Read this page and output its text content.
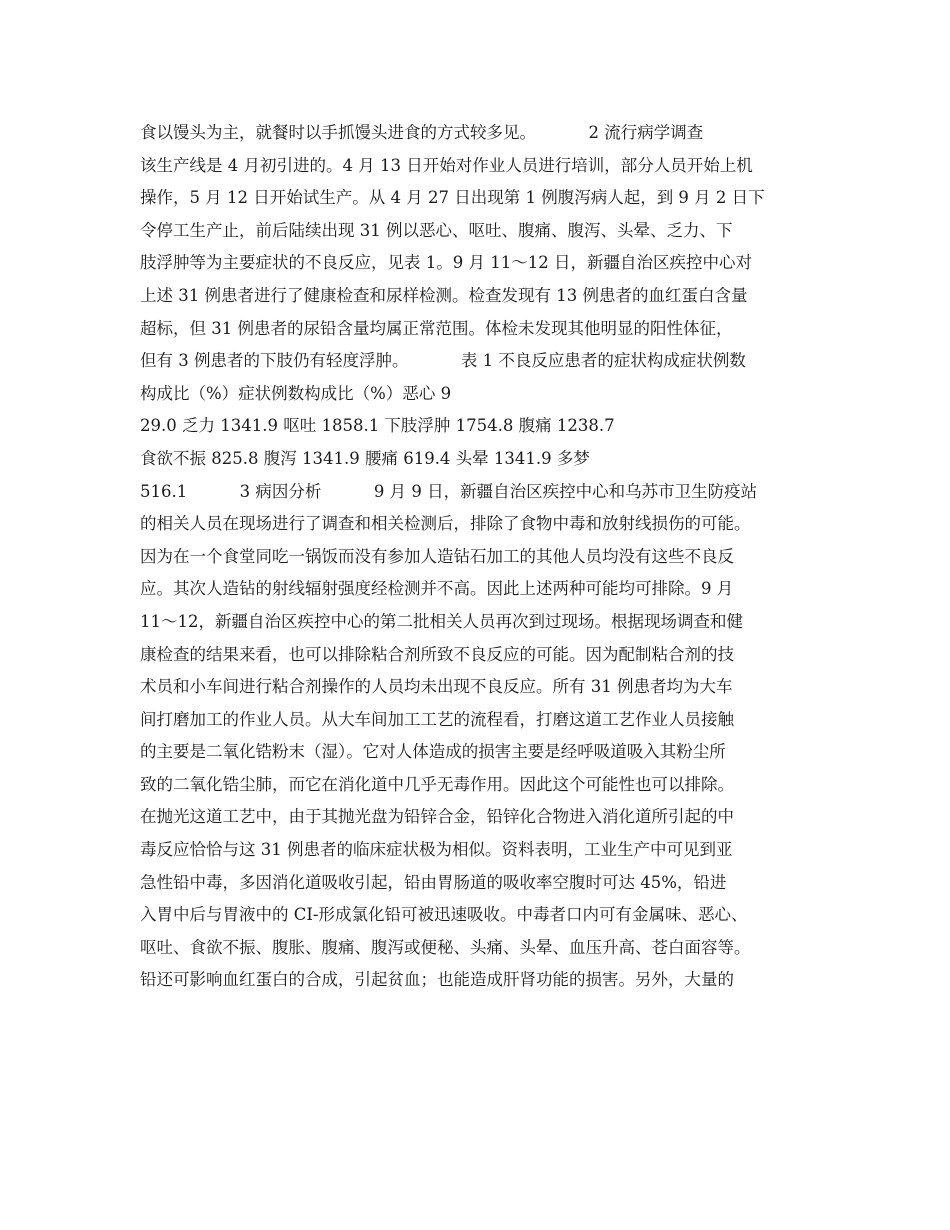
食以馒头为主，就餐时以手抓馒头进食的方式较多见。          2 流行病学调查
该生产线是 4 月初引进的。4 月 13 日开始对作业人员进行培训，部分人员开始上机
操作，5 月 12 日开始试生产。从 4 月 27 日出现第 1 例腹泻病人起，到 9 月 2 日下
令停工生产止，前后陆续出现 31 例以恶心、呕吐、腹痛、腹泻、头晕、乏力、下
肢浮肿等为主要症状的不良反应，见表 1。9 月 11～12 日，新疆自治区疾控中心对
上述 31 例患者进行了健康检查和尿样检测。检查发现有 13 例患者的血红蛋白含量
超标，但 31 例患者的尿铅含量均属正常范围。体检未发现其他明显的阳性体征，
但有 3 例患者的下肢仍有轻度浮肿。          表 1 不良反应患者的症状构成症状例数
构成比（%）症状例数构成比（%）恶心 9
29.0 乏力 1341.9 呕吐 1858.1 下肢浮肿 1754.8 腹痛 1238.7
食欲不振 825.8 腹泻 1341.9 腰痛 619.4 头晕 1341.9 多梦
516.1          3 病因分析          9 月 9 日，新疆自治区疾控中心和乌苏市卫生防疫站
的相关人员在现场进行了调查和相关检测后，排除了食物中毒和放射线损伤的可能。
因为在一个食堂同吃一锅饭而没有参加人造钻石加工的其他人员均没有这些不良反
应。其次人造钻的射线辐射强度经检测并不高。因此上述两种可能均可排除。9 月
11～12，新疆自治区疾控中心的第二批相关人员再次到过现场。根据现场调查和健
康检查的结果来看，也可以排除粘合剂所致不良反应的可能。因为配制粘合剂的技
术员和小车间进行粘合剂操作的人员均未出现不良反应。所有 31 例患者均为大车
间打磨加工的作业人员。从大车间加工工艺的流程看，打磨这道工艺作业人员接触
的主要是二氧化锆粉末（湿）。它对人体造成的损害主要是经呼吸道吸入其粉尘所
致的二氧化锆尘肺，而它在消化道中几乎无毒作用。因此这个可能性也可以排除。
在抛光这道工艺中，由于其抛光盘为铅锌合金，铅锌化合物进入消化道所引起的中
毒反应恰恰与这 31 例患者的临床症状极为相似。资料表明，工业生产中可见到亚
急性铅中毒，多因消化道吸收引起，铅由胃肠道的吸收率空腹时可达 45%，铅进
入胃中后与胃液中的 CI-形成氯化铅可被迅速吸收。中毒者口内可有金属味、恶心、
呕吐、食欲不振、腹胀、腹痛、腹泻或便秘、头痛、头晕、血压升高、苍白面容等。
铅还可影响血红蛋白的合成，引起贫血；也能造成肝肾功能的损害。另外，大量的
